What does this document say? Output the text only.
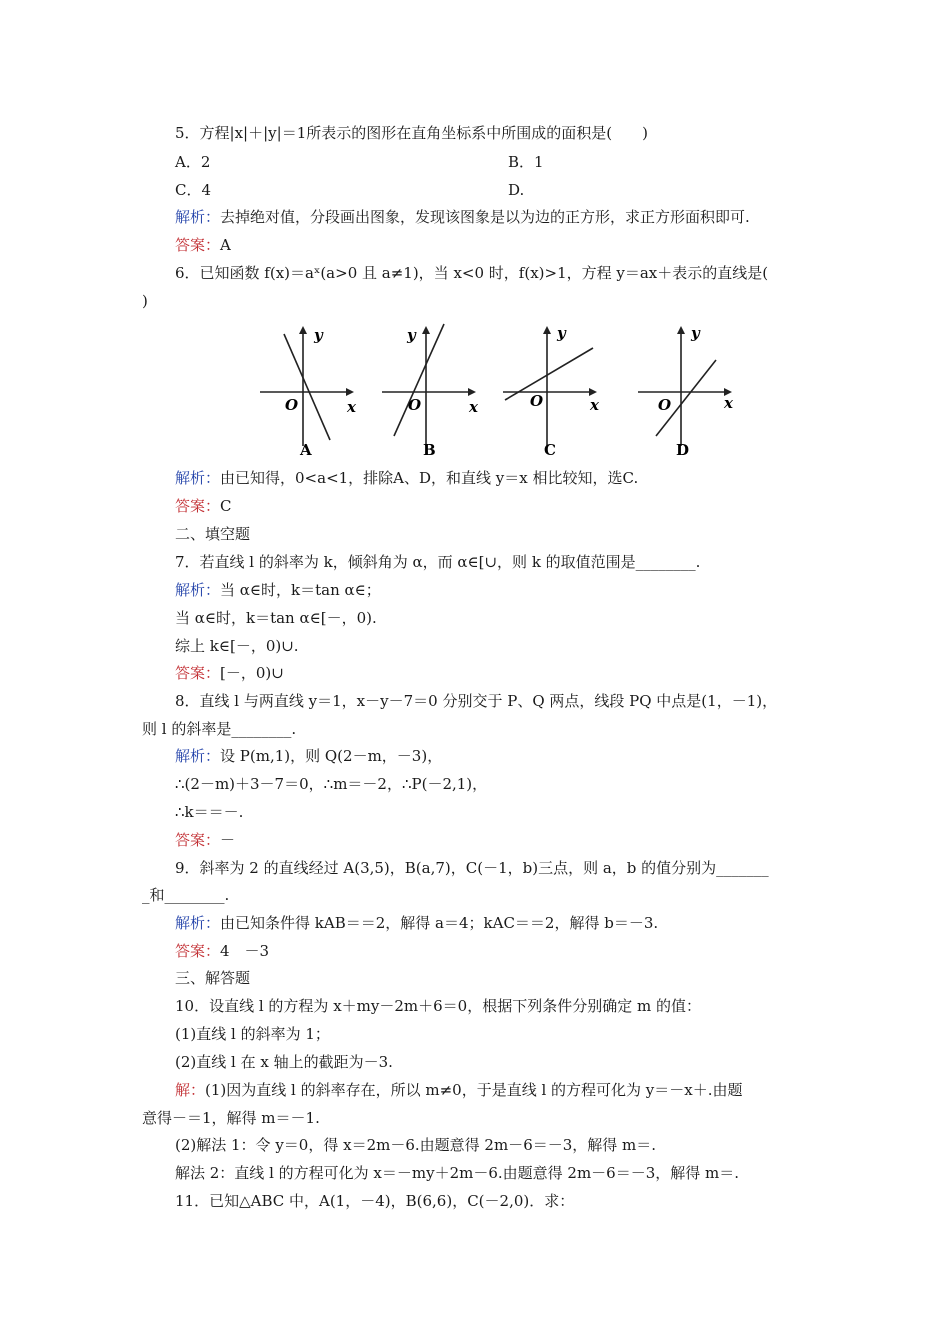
5．方程|x|＋|y|＝1所表示的图形在直角坐标系中所围成的面积是(　　)
A．2	B．1
C．4	D.
解析：去掉绝对值，分段画出图象，发现该图象是以为边的正方形，求正方形面积即可.
答案：A
6．已知函数 f(x)＝aˣ(a>0 且 a≠1)，当 x<0 时，f(x)>1，方程 y＝ax＋表示的直线是(
)
y
x
O
A
y
x
O
B
y
x
O
C
y
x
O
D
解析：由已知得，0<a<1，排除A、D，和直线 y＝x 相比较知，选C.
答案：C
二、填空题
7．若直线 l 的斜率为 k，倾斜角为 α，而 α∈[∪，则 k 的取值范围是________.
解析：当 α∈时，k＝tan α∈；
当 α∈时，k＝tan α∈[－，0).
综上 k∈[－，0)∪.
答案：[－，0)∪
8．直线 l 与两直线 y＝1，x－y－7＝0 分别交于 P、Q 两点，线段 PQ 中点是(1，－1)，
则 l 的斜率是________.
解析：设 P(m,1)，则 Q(2－m，－3)，
∴(2－m)＋3－7＝0，∴m＝－2，∴P(－2,1)，
∴k＝＝－.
答案：－
9．斜率为 2 的直线经过 A(3,5)，B(a,7)，C(－1，b)三点，则 a，b 的值分别为_______
_和________.
解析：由已知条件得 kAB＝＝2，解得 a＝4；kAC＝＝2，解得 b＝－3.
答案：4　－3
三、解答题
10．设直线 l 的方程为 x＋my－2m＋6＝0，根据下列条件分别确定 m 的值：
(1)直线 l 的斜率为 1；
(2)直线 l 在 x 轴上的截距为－3.
解：(1)因为直线 l 的斜率存在，所以 m≠0，于是直线 l 的方程可化为 y＝－x＋.由题
意得－＝1，解得 m＝－1.
(2)解法 1：令 y＝0，得 x＝2m－6.由题意得 2m－6＝－3，解得 m＝.
解法 2：直线 l 的方程可化为 x＝－my＋2m－6.由题意得 2m－6＝－3，解得 m＝.
11．已知△ABC 中，A(1，－4)，B(6,6)，C(－2,0)．求：
